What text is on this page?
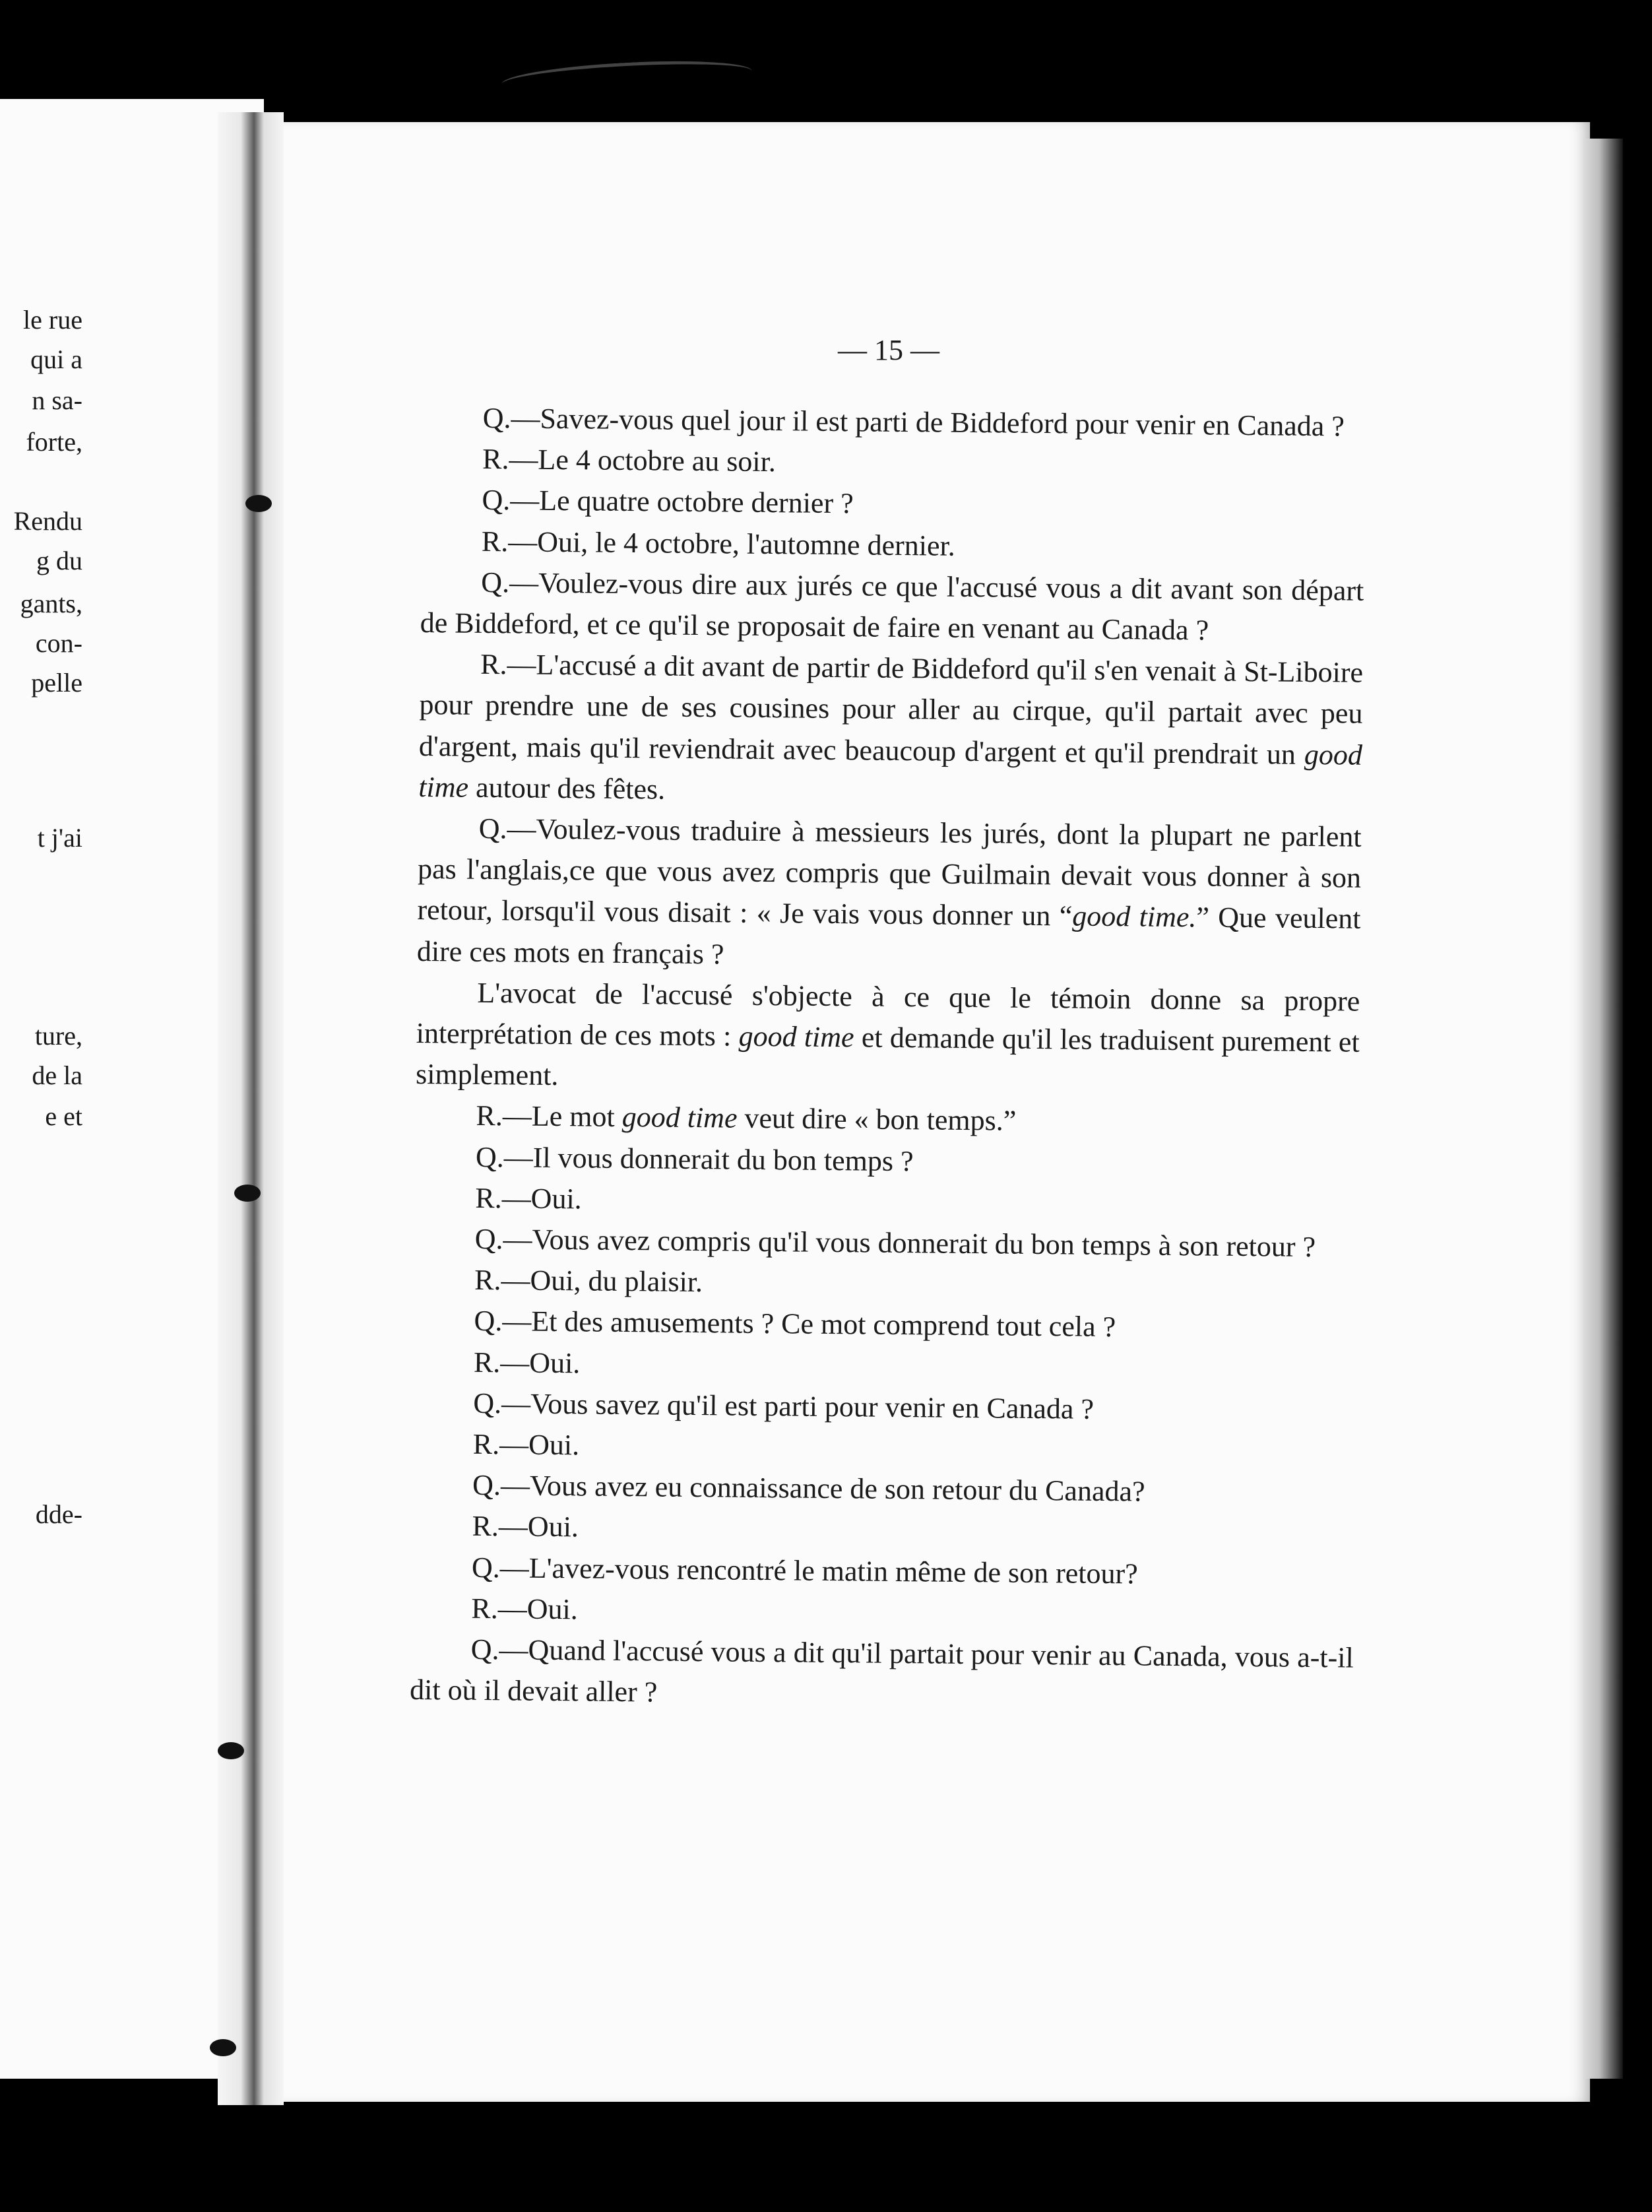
le rue
qui a
n sa-
forte,
Rendu
g du
gants,
con-
pelle
t j'ai
ture,
de la
e et
dde-
— 15 —

Q.—Savez-vous quel jour il est parti de Biddeford pour venir en Canada ?

R.—Le 4 octobre au soir.

Q.—Le quatre octobre dernier ?

R.—Oui, le 4 octobre, l'automne dernier.

Q.—Voulez-vous dire aux jurés ce que l'accusé vous a dit avant son départ de Biddeford, et ce qu'il se proposait de faire en venant au Canada ?

R.—L'accusé a dit avant de partir de Biddeford qu'il s'en venait à St-Liboire pour prendre une de ses cousines pour aller au cirque, qu'il partait avec peu d'argent, mais qu'il reviendrait avec beaucoup d'argent et qu'il prendrait un good time autour des fêtes.

Q.—Voulez-vous traduire à messieurs les jurés, dont la plupart ne parlent pas l'anglais,ce que vous avez compris que Guilmain devait vous donner à son retour, lorsqu'il vous disait : « Je vais vous donner un “good time.” Que veulent dire ces mots en français ?

L'avocat de l'accusé s'objecte à ce que le témoin donne sa propre interprétation de ces mots : good time et demande qu'il les traduisent purement et simplement.

R.—Le mot good time veut dire « bon temps.”

Q.—Il vous donnerait du bon temps ?

R.—Oui.

Q.—Vous avez compris qu'il vous donnerait du bon temps à son retour ?

R.—Oui, du plaisir.

Q.—Et des amusements ? Ce mot comprend tout cela ?

R.—Oui.

Q.—Vous savez qu'il est parti pour venir en Canada ?

R.—Oui.

Q.—Vous avez eu connaissance de son retour du Canada?

R.—Oui.

Q.—L'avez-vous rencontré le matin même de son retour?

R.—Oui.

Q.—Quand l'accusé vous a dit qu'il partait pour venir au Canada, vous a-t-il dit où il devait aller ?
